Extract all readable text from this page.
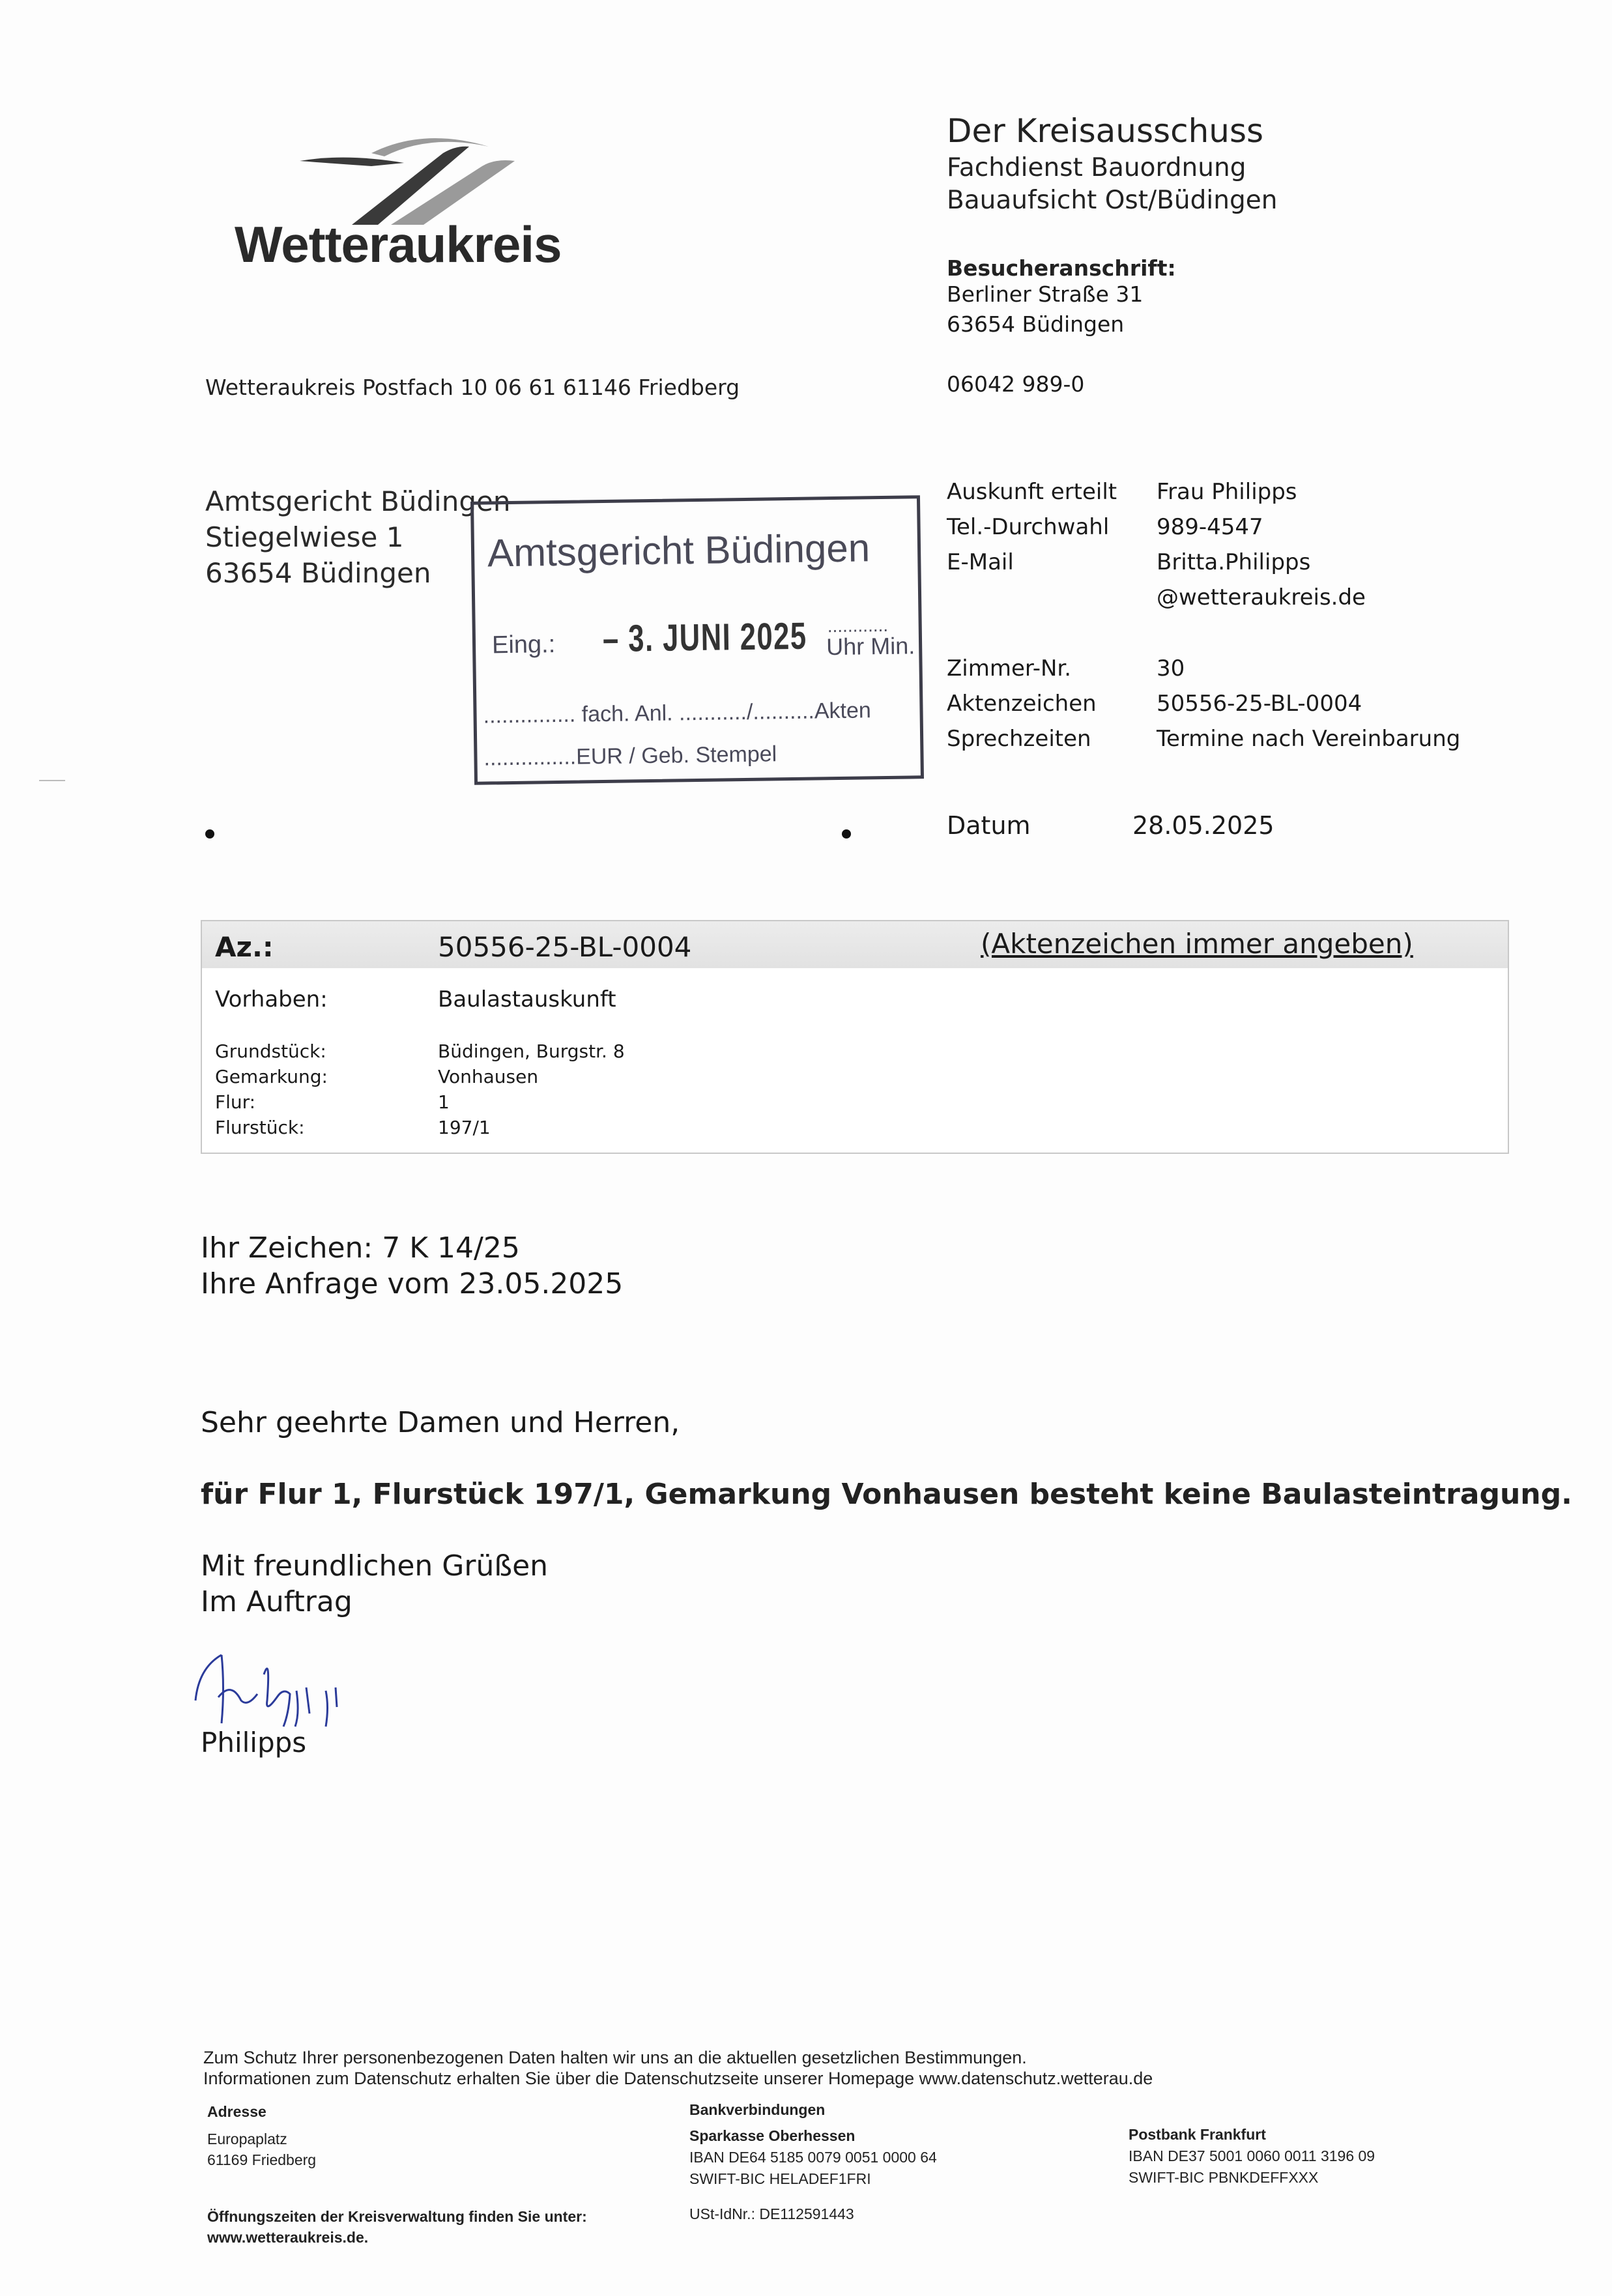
Wetteraukreis
Wetteraukreis Postfach 10 06 61 61146 Friedberg
Der Kreisausschuss
Fachdienst Bauordnung
Bauaufsicht Ost/Büdingen
Besucheranschrift:
Berliner Straße 31
63654 Büdingen
06042 989-0
Amtsgericht Büdingen
Stiegelwiese 1
63654 Büdingen Amtsgericht Büdingen
Eing.: – 3. JUNI 2025 ............
Uhr Min.
............... fach. Anl. .........../..........Akten
...............EUR / Geb. Stempel
Auskunft erteilt Frau Philipps
Tel.-Durchwahl 989-4547
E-Mail	Britta.Philipps
@wetteraukreis.de
Zimmer-Nr.	30
Aktenzeichen	50556-25-BL-0004
Sprechzeiten	Termine nach Vereinbarung
Datum	28.05.2025
Az.:	50556-25-BL-0004	(Aktenzeichen immer angeben)
Vorhaben:	Baulastauskunft
Grundstück:	Büdingen, Burgstr. 8
Gemarkung:	Vonhausen
Flur:	1
Flurstück:	197/1
Ihr Zeichen: 7 K 14/25
Ihre Anfrage vom 23.05.2025
Sehr geehrte Damen und Herren,
für Flur 1, Flurstück 197/1, Gemarkung Vonhausen besteht keine Baulasteintragung.
Mit freundlichen Grüßen
Im Auftrag
Philipps
Zum Schutz Ihrer personenbezogenen Daten halten wir uns an die aktuellen gesetzlichen Bestimmungen.
Informationen zum Datenschutz erhalten Sie über die Datenschutzseite unserer Homepage www.datenschutz.wetterau.de
Adresse
Europaplatz
61169 Friedberg
Bankverbindungen
Sparkasse Oberhessen
IBAN DE64 5185 0079 0051 0000 64
SWIFT-BIC HELADEF1FRI
Postbank Frankfurt
IBAN DE37 5001 0060 0011 3196 09
SWIFT-BIC PBNKDEFFXXX
Öffnungszeiten der Kreisverwaltung finden Sie unter:
www.wetteraukreis.de.
USt-IdNr.: DE112591443
